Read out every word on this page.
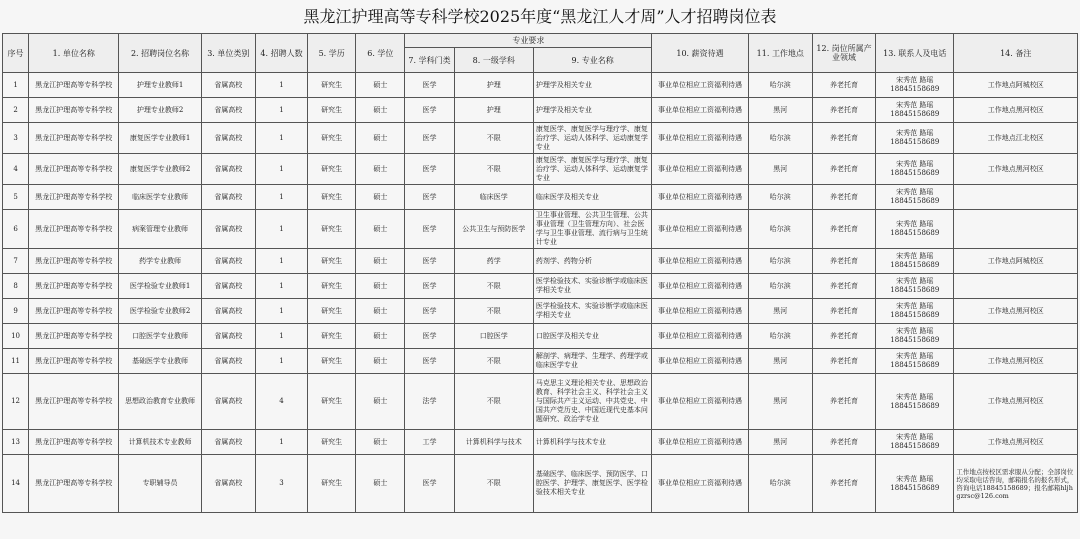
黑龙江护理高等专科学校2025年度“黑龙江人才周”人才招聘岗位表
序号	1. 单位名称	2. 招聘岗位名称	3. 单位类别	4. 招聘人数	5. 学历	6. 学位	专业要求			10. 薪资待遇	11. 工作地点	12. 岗位所属产业领域	13. 联系人及电话	14. 备注
							7. 学科门类	8. 一级学科	9. 专业名称					
1	黑龙江护理高等专科学校	护理专业教师1	省属高校	1	研究生	硕士	医学	护理	护理学及相关专业	事业单位相应工资福利待遇	哈尔滨	养老托育	宋秀范 路瑶
18845158689	工作地点阿城校区
2	黑龙江护理高等专科学校	护理专业教师2	省属高校	1	研究生	硕士	医学	护理	护理学及相关专业	事业单位相应工资福利待遇	黑河	养老托育	宋秀范 路瑶
18845158689	工作地点黑河校区
3	黑龙江护理高等专科学校	康复医学专业教师1	省属高校	1	研究生	硕士	医学	不限	康复医学、康复医学与理疗学、康复治疗学、运动人体科学、运动康复学专业	事业单位相应工资福利待遇	哈尔滨	养老托育	宋秀范 路瑶
18845158689	工作地点江北校区
4	黑龙江护理高等专科学校	康复医学专业教师2	省属高校	1	研究生	硕士	医学	不限	康复医学、康复医学与理疗学、康复治疗学、运动人体科学、运动康复学专业	事业单位相应工资福利待遇	黑河	养老托育	宋秀范 路瑶
18845158689	工作地点黑河校区
5	黑龙江护理高等专科学校	临床医学专业教师	省属高校	1	研究生	硕士	医学	临床医学	临床医学及相关专业	事业单位相应工资福利待遇	哈尔滨	养老托育	宋秀范 路瑶
18845158689	

6	黑龙江护理高等专科学校	病案管理专业教师	省属高校	1	研究生	硕士	医学	公共卫生与预防医学	卫生事业管理、公共卫生管理、公共事业管理（卫生管理方向）、社会医学与卫生事业管理、流行病与卫生统计专业	事业单位相应工资福利待遇	哈尔滨	养老托育	宋秀范 路瑶
18845158689	

7	黑龙江护理高等专科学校	药学专业教师	省属高校	1	研究生	硕士	医学	药学	药剂学、药物分析	事业单位相应工资福利待遇	哈尔滨	养老托育	宋秀范 路瑶
18845158689	工作地点阿城校区
8	黑龙江护理高等专科学校	医学检验专业教师1	省属高校	1	研究生	硕士	医学	不限	医学检验技术、实验诊断学或临床医学相关专业	事业单位相应工资福利待遇	哈尔滨	养老托育	宋秀范 路瑶
18845158689	

9	黑龙江护理高等专科学校	医学检验专业教师2	省属高校	1	研究生	硕士	医学	不限	医学检验技术、实验诊断学或临床医学相关专业	事业单位相应工资福利待遇	黑河	养老托育	宋秀范 路瑶
18845158689	工作地点黑河校区
10	黑龙江护理高等专科学校	口腔医学专业教师	省属高校	1	研究生	硕士	医学	口腔医学	口腔医学及相关专业	事业单位相应工资福利待遇	哈尔滨	养老托育	宋秀范 路瑶
18845158689	

11	黑龙江护理高等专科学校	基础医学专业教师	省属高校	1	研究生	硕士	医学	不限	解剖学、病理学、生理学、药理学或临床医学专业	事业单位相应工资福利待遇	黑河	养老托育	宋秀范 路瑶
18845158689	工作地点黑河校区
12	黑龙江护理高等专科学校	思想政治教育专业教师	省属高校	4	研究生	硕士	法学	不限	马克思主义理论相关专业、思想政治教育、科学社会主义、科学社会主义与国际共产主义运动、中共党史、中国共产党历史、中国近现代史基本问题研究、政治学专业	事业单位相应工资福利待遇	黑河	养老托育	宋秀范 路瑶
18845158689	工作地点黑河校区
13	黑龙江护理高等专科学校	计算机技术专业教师	省属高校	1	研究生	硕士	工学	计算机科学与技术	计算机科学与技术专业	事业单位相应工资福利待遇	黑河	养老托育	宋秀范 路瑶
18845158689	工作地点黑河校区
14	黑龙江护理高等专科学校	专职辅导员	省属高校	3	研究生	硕士	医学	不限	基础医学、临床医学、预防医学、口腔医学、护理学、康复医学、医学检验技术相关专业	事业单位相应工资福利待遇	哈尔滨	养老托育	宋秀范 路瑶
18845158689	工作地点按校区需求服从分配；全部岗位均采取电话咨询，邮箱报名的报名形式，咨询电话18845158689；报名邮箱hljhgzrsc@126.com
